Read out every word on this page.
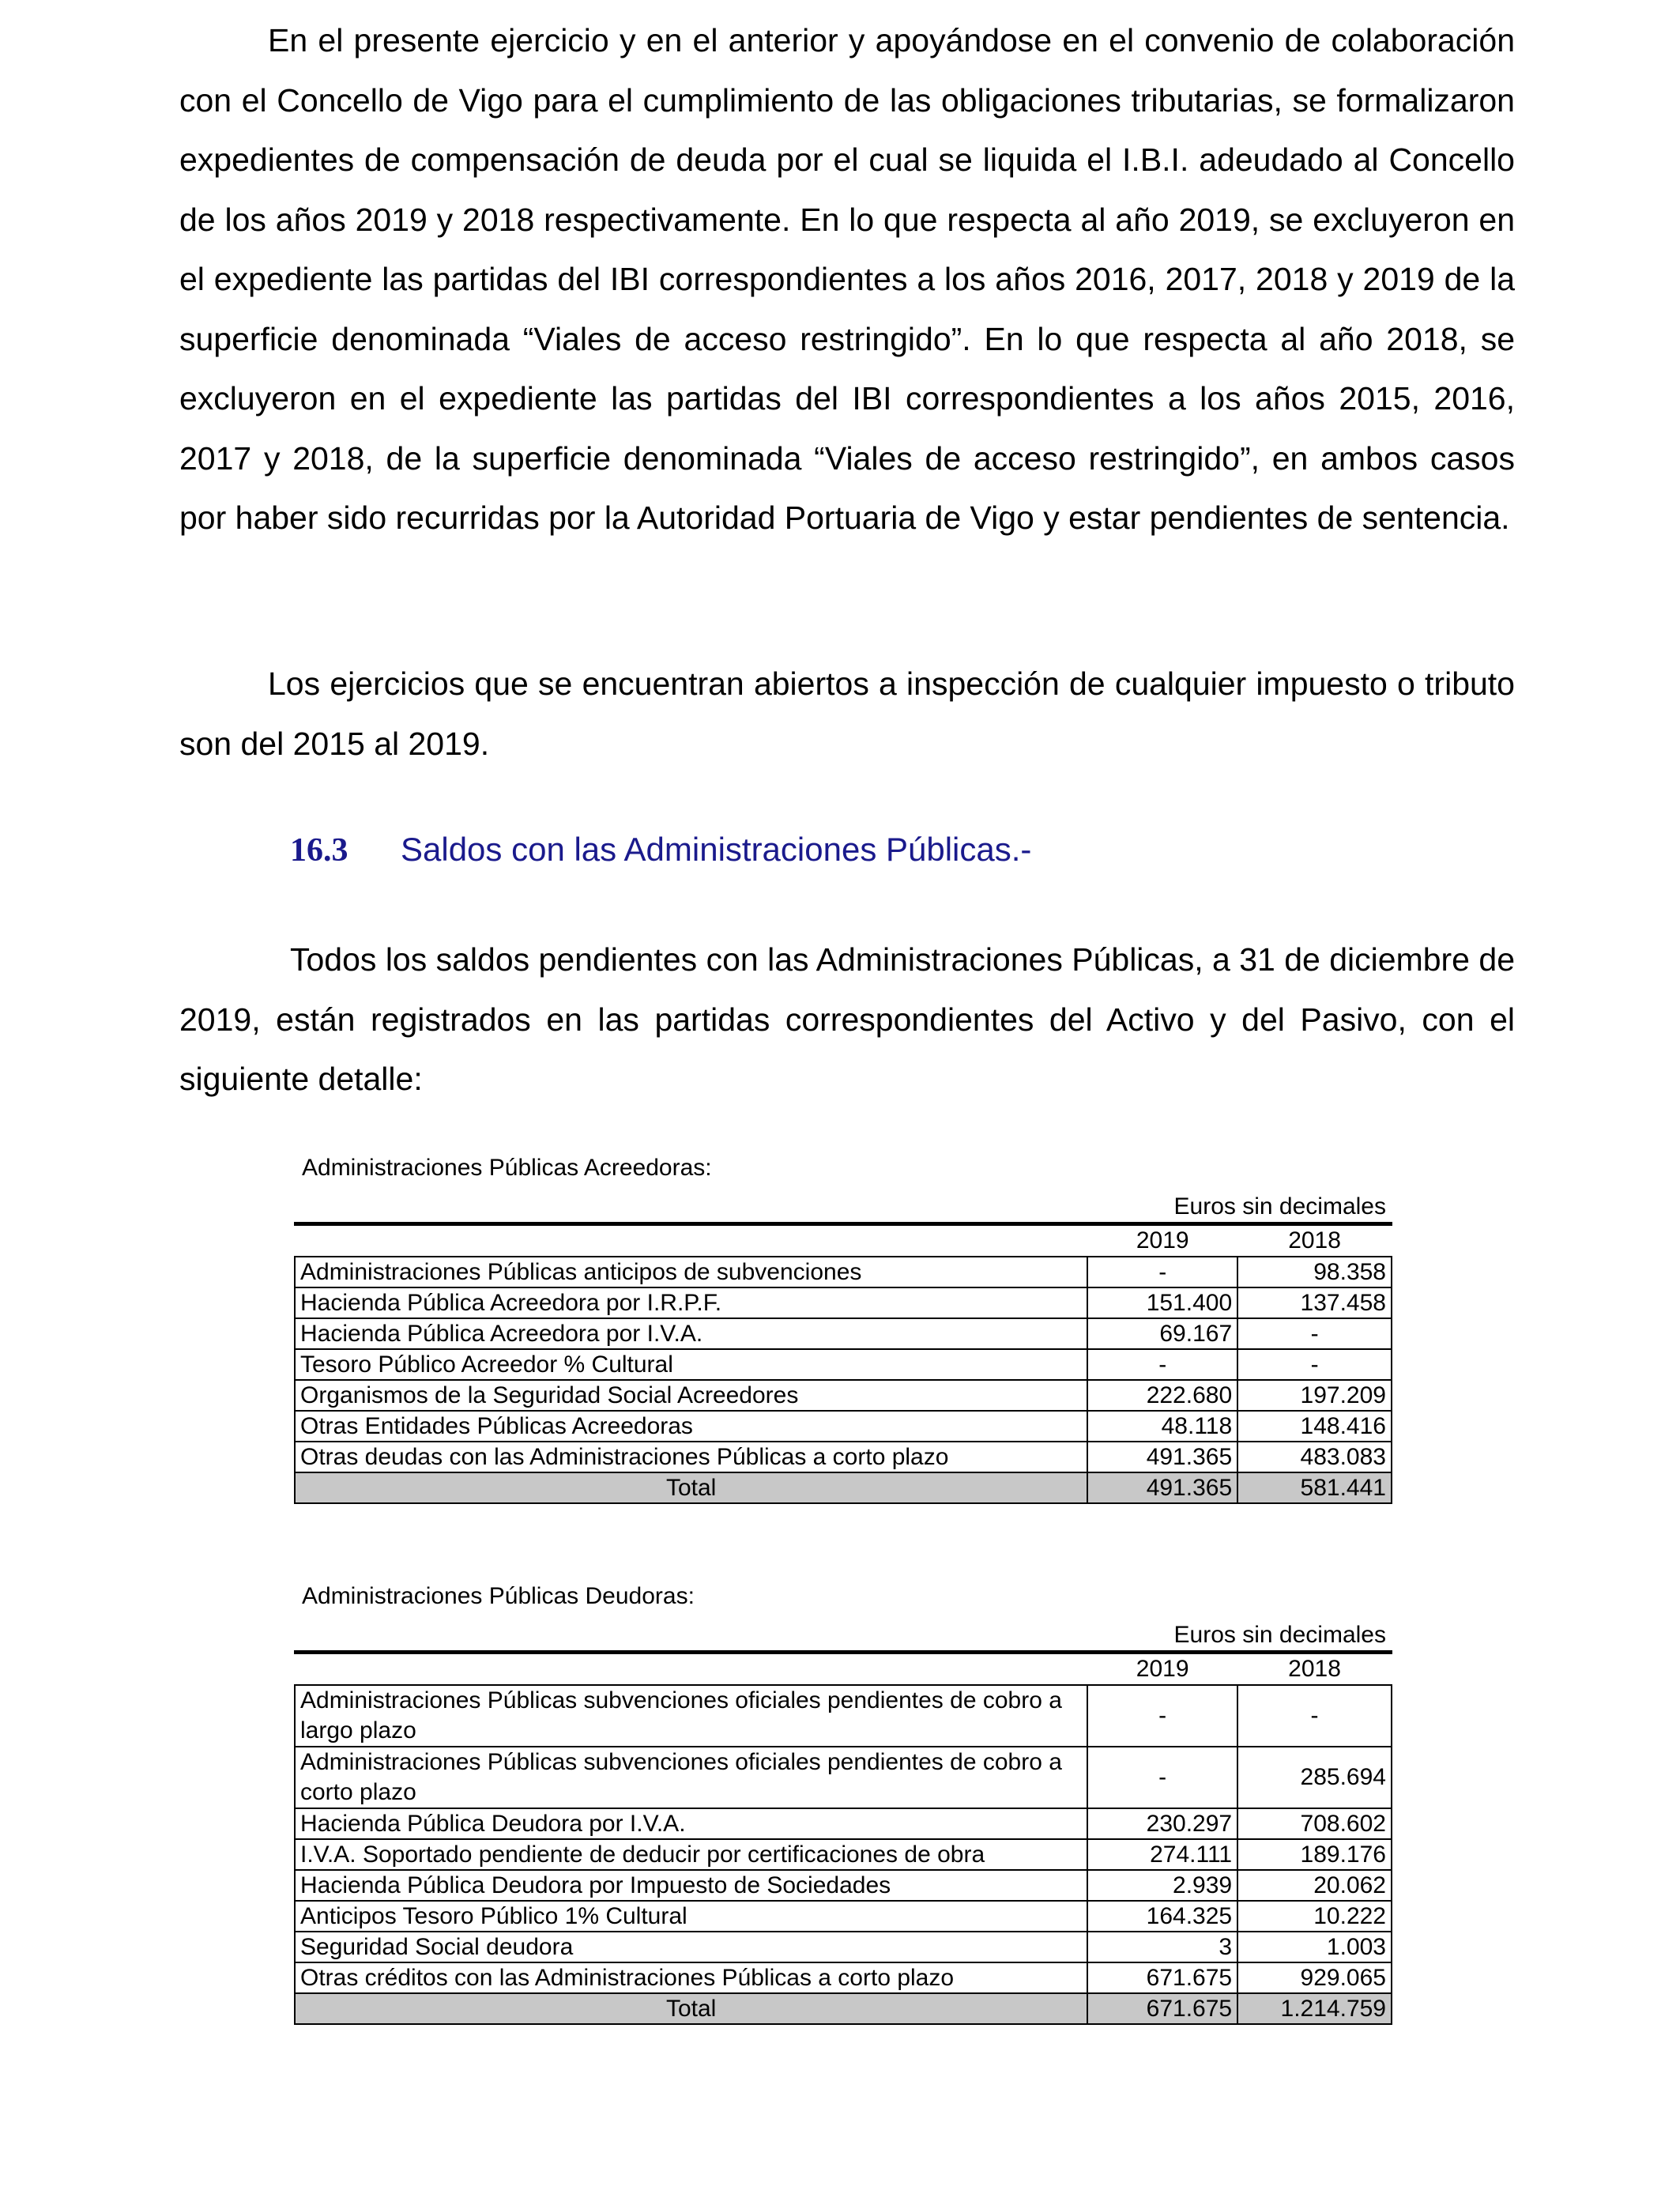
En el presente ejercicio y en el anterior y apoyándose en el convenio de colaboración con el Concello de Vigo para el cumplimiento de las obligaciones tributarias, se formalizaron expedientes de compensación de deuda por el cual se liquida el I.B.I. adeudado al Concello de los años 2019 y 2018 respectivamente. En lo que respecta al año 2019, se excluyeron en el expediente las partidas del IBI correspondientes a los años 2016, 2017, 2018 y 2019 de la superficie denominada “Viales de acceso restringido”. En lo que respecta al año 2018, se excluyeron en el expediente las partidas del IBI correspondientes a los años 2015, 2016, 2017 y 2018, de la superficie denominada “Viales de acceso restringido”, en ambos casos por haber sido recurridas por la Autoridad Portuaria de Vigo y estar pendientes de sentencia.

Los ejercicios que se encuentran abiertos a inspección de cualquier impuesto o tributo son del 2015 al 2019.

16.3 Saldos con las Administraciones Públicas.-

Todos los saldos pendientes con las Administraciones Públicas, a 31 de diciembre de 2019, están registrados en las partidas correspondientes del Activo y del Pasivo, con el siguiente detalle:

Administraciones Públicas Acreedoras:
Euros sin decimales
	2019	2018
Administraciones Públicas anticipos de subvenciones	-	98.358
Hacienda Pública Acreedora por I.R.P.F.	151.400	137.458
Hacienda Pública Acreedora por I.V.A.	69.167	-
Tesoro Público Acreedor % Cultural	-	-
Organismos de la Seguridad Social Acreedores	222.680	197.209
Otras Entidades Públicas Acreedoras	48.118	148.416
Otras deudas con las Administraciones Públicas a corto plazo	491.365	483.083
Total	491.365	581.441
Administraciones Públicas Deudoras:
Euros sin decimales
	2019	2018
Administraciones Públicas subvenciones oficiales pendientes de cobro a largo plazo	-	-
Administraciones Públicas subvenciones oficiales pendientes de cobro a corto plazo	-	285.694
Hacienda Pública Deudora por I.V.A.	230.297	708.602
I.V.A. Soportado pendiente de deducir por certificaciones de obra	274.111	189.176
Hacienda Pública Deudora por Impuesto de Sociedades	2.939	20.062
Anticipos Tesoro Público 1% Cultural	164.325	10.222
Seguridad Social deudora	3	1.003
Otras créditos con las Administraciones Públicas a corto plazo	671.675	929.065
Total	671.675	1.214.759
